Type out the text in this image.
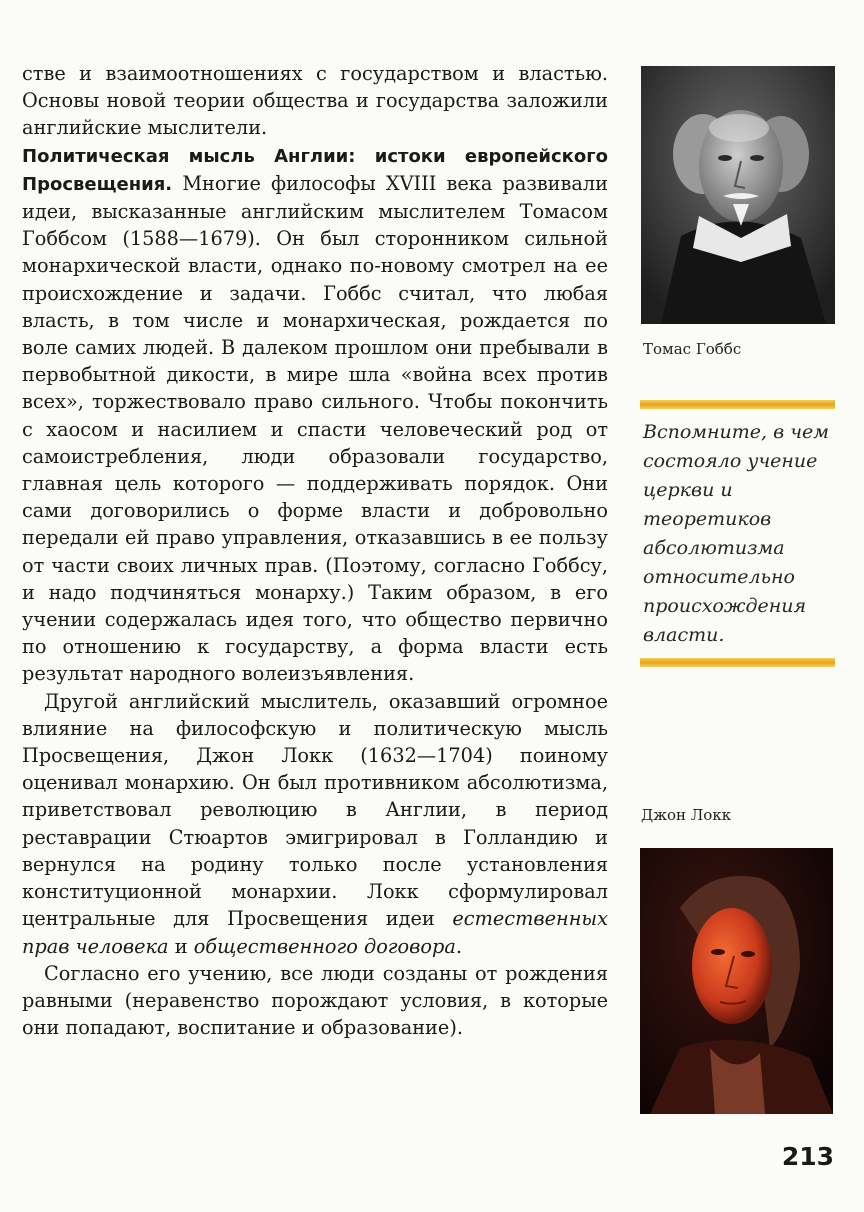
стве и взаимоотношениях с государством и властью. Основы новой теории общества и государства заложили английские мыслители.

Политическая мысль Англии: истоки европейского Просвещения. Многие философы XVIII века развивали идеи, высказанные английским мыслителем Томасом Гоббсом (1588—1679). Он был сторонником сильной монархической власти, однако по-новому смотрел на ее происхождение и задачи. Гоббс считал, что любая власть, в том числе и монархическая, рождается по воле самих людей. В далеком прошлом они пребывали в первобытной дикости, в мире шла «война всех против всех», торжествовало право сильного. Чтобы покончить с хаосом и насилием и спасти человеческий род от самоистребления, люди образовали государство, главная цель которого — поддерживать порядок. Они сами договорились о форме власти и добровольно передали ей право управления, отказавшись в ее пользу от части своих личных прав. (Поэтому, согласно Гоббсу, и надо подчиняться монарху.) Таким образом, в его учении содержалась идея того, что общество первично по отношению к государству, а форма власти есть результат народного волеизъявления.

Другой английский мыслитель, оказавший огромное влияние на философскую и политическую мысль Просвещения, Джон Локк (1632—1704) поиному оценивал монархию. Он был противником абсолютизма, приветствовал революцию в Англии, в период реставрации Стюартов эмигрировал в Голландию и вернулся на родину только после установления конституционной монархии. Локк сформулировал центральные для Просвещения идеи естественных прав человека и общественного договора.

Согласно его учению, все люди созданы от рождения равными (неравенство порождают условия, в которые они попадают, воспитание и образование).

Томас Гоббс
Вспомните, в чем состояло учение церкви и теоретиков абсолютизма относительно происхождения власти.
Джон Локк
213
